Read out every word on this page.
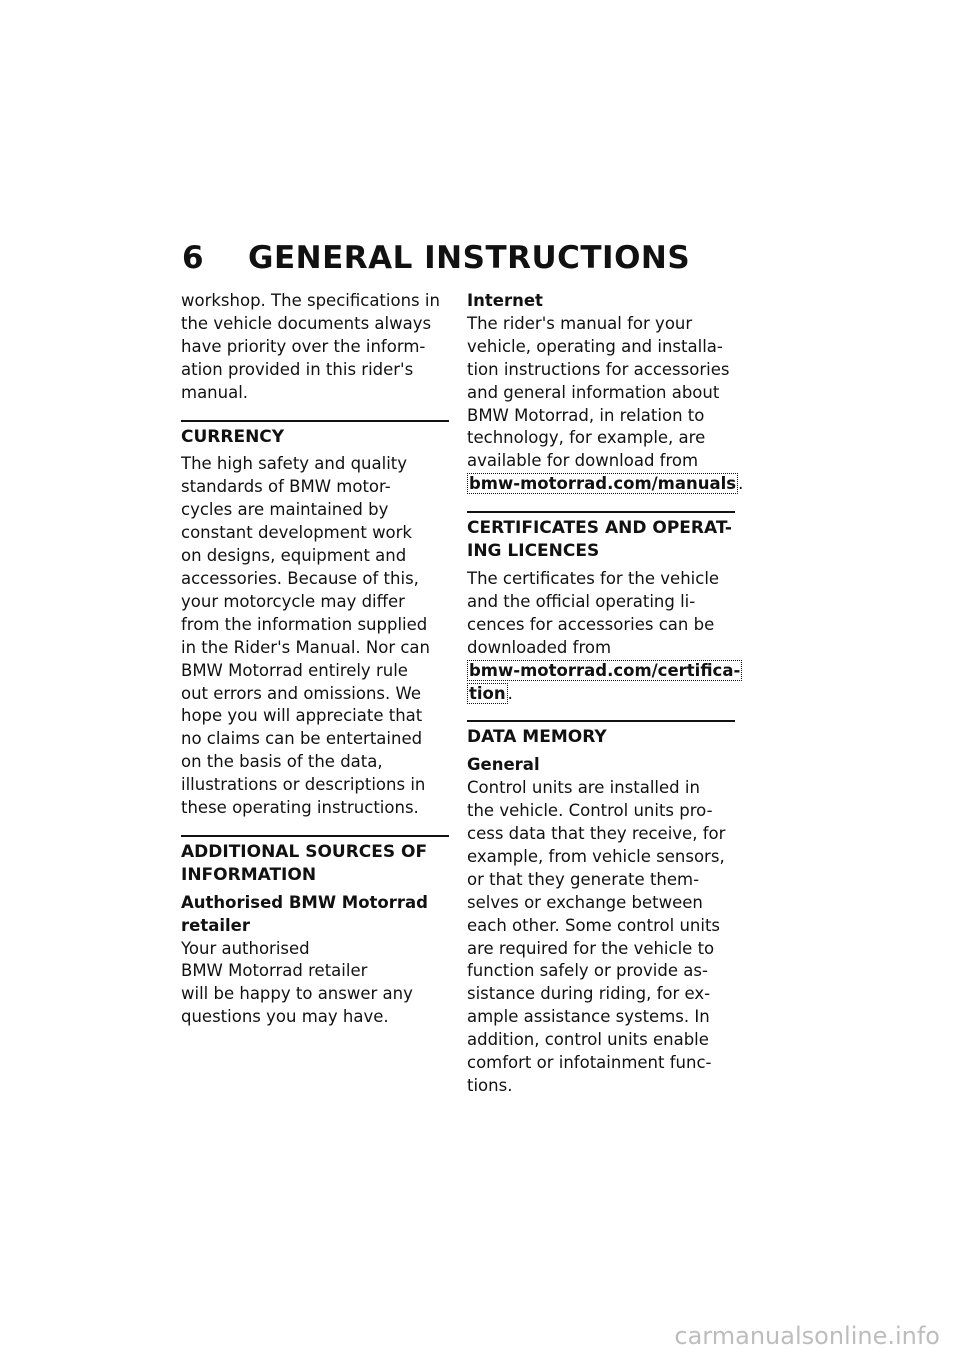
6 GENERAL INSTRUCTIONS
workshop. The specifications in
the vehicle documents always
have priority over the inform-
ation provided in this rider's
manual.
CURRENCY
The high safety and quality
standards of BMW motor-
cycles are maintained by
constant development work
on designs, equipment and
accessories. Because of this,
your motorcycle may differ
from the information supplied
in the Rider's Manual. Nor can
BMW Motorrad entirely rule
out errors and omissions. We
hope you will appreciate that
no claims can be entertained
on the basis of the data,
illustrations or descriptions in
these operating instructions.
ADDITIONAL SOURCES OF
INFORMATION
Authorised BMW Motorrad
retailer
Your authorised
BMW Motorrad retailer
will be happy to answer any
questions you may have.
Internet
The rider's manual for your
vehicle, operating and installa-
tion instructions for accessories
and general information about
BMW Motorrad, in relation to
technology, for example, are
available for download from
bmw-motorrad.com/manuals .
CERTIFICATES AND OPERAT-
ING LICENCES
The certificates for the vehicle
and the official operating li-
cences for accessories can be
downloaded from
bmw-motorrad.com/certifica-
tion .
DATA MEMORY
General
Control units are installed in
the vehicle. Control units pro-
cess data that they receive, for
example, from vehicle sensors,
or that they generate them-
selves or exchange between
each other. Some control units
are required for the vehicle to
function safely or provide as-
sistance during riding, for ex-
ample assistance systems. In
addition, control units enable
comfort or infotainment func-
tions.
carmanualsonline.info
